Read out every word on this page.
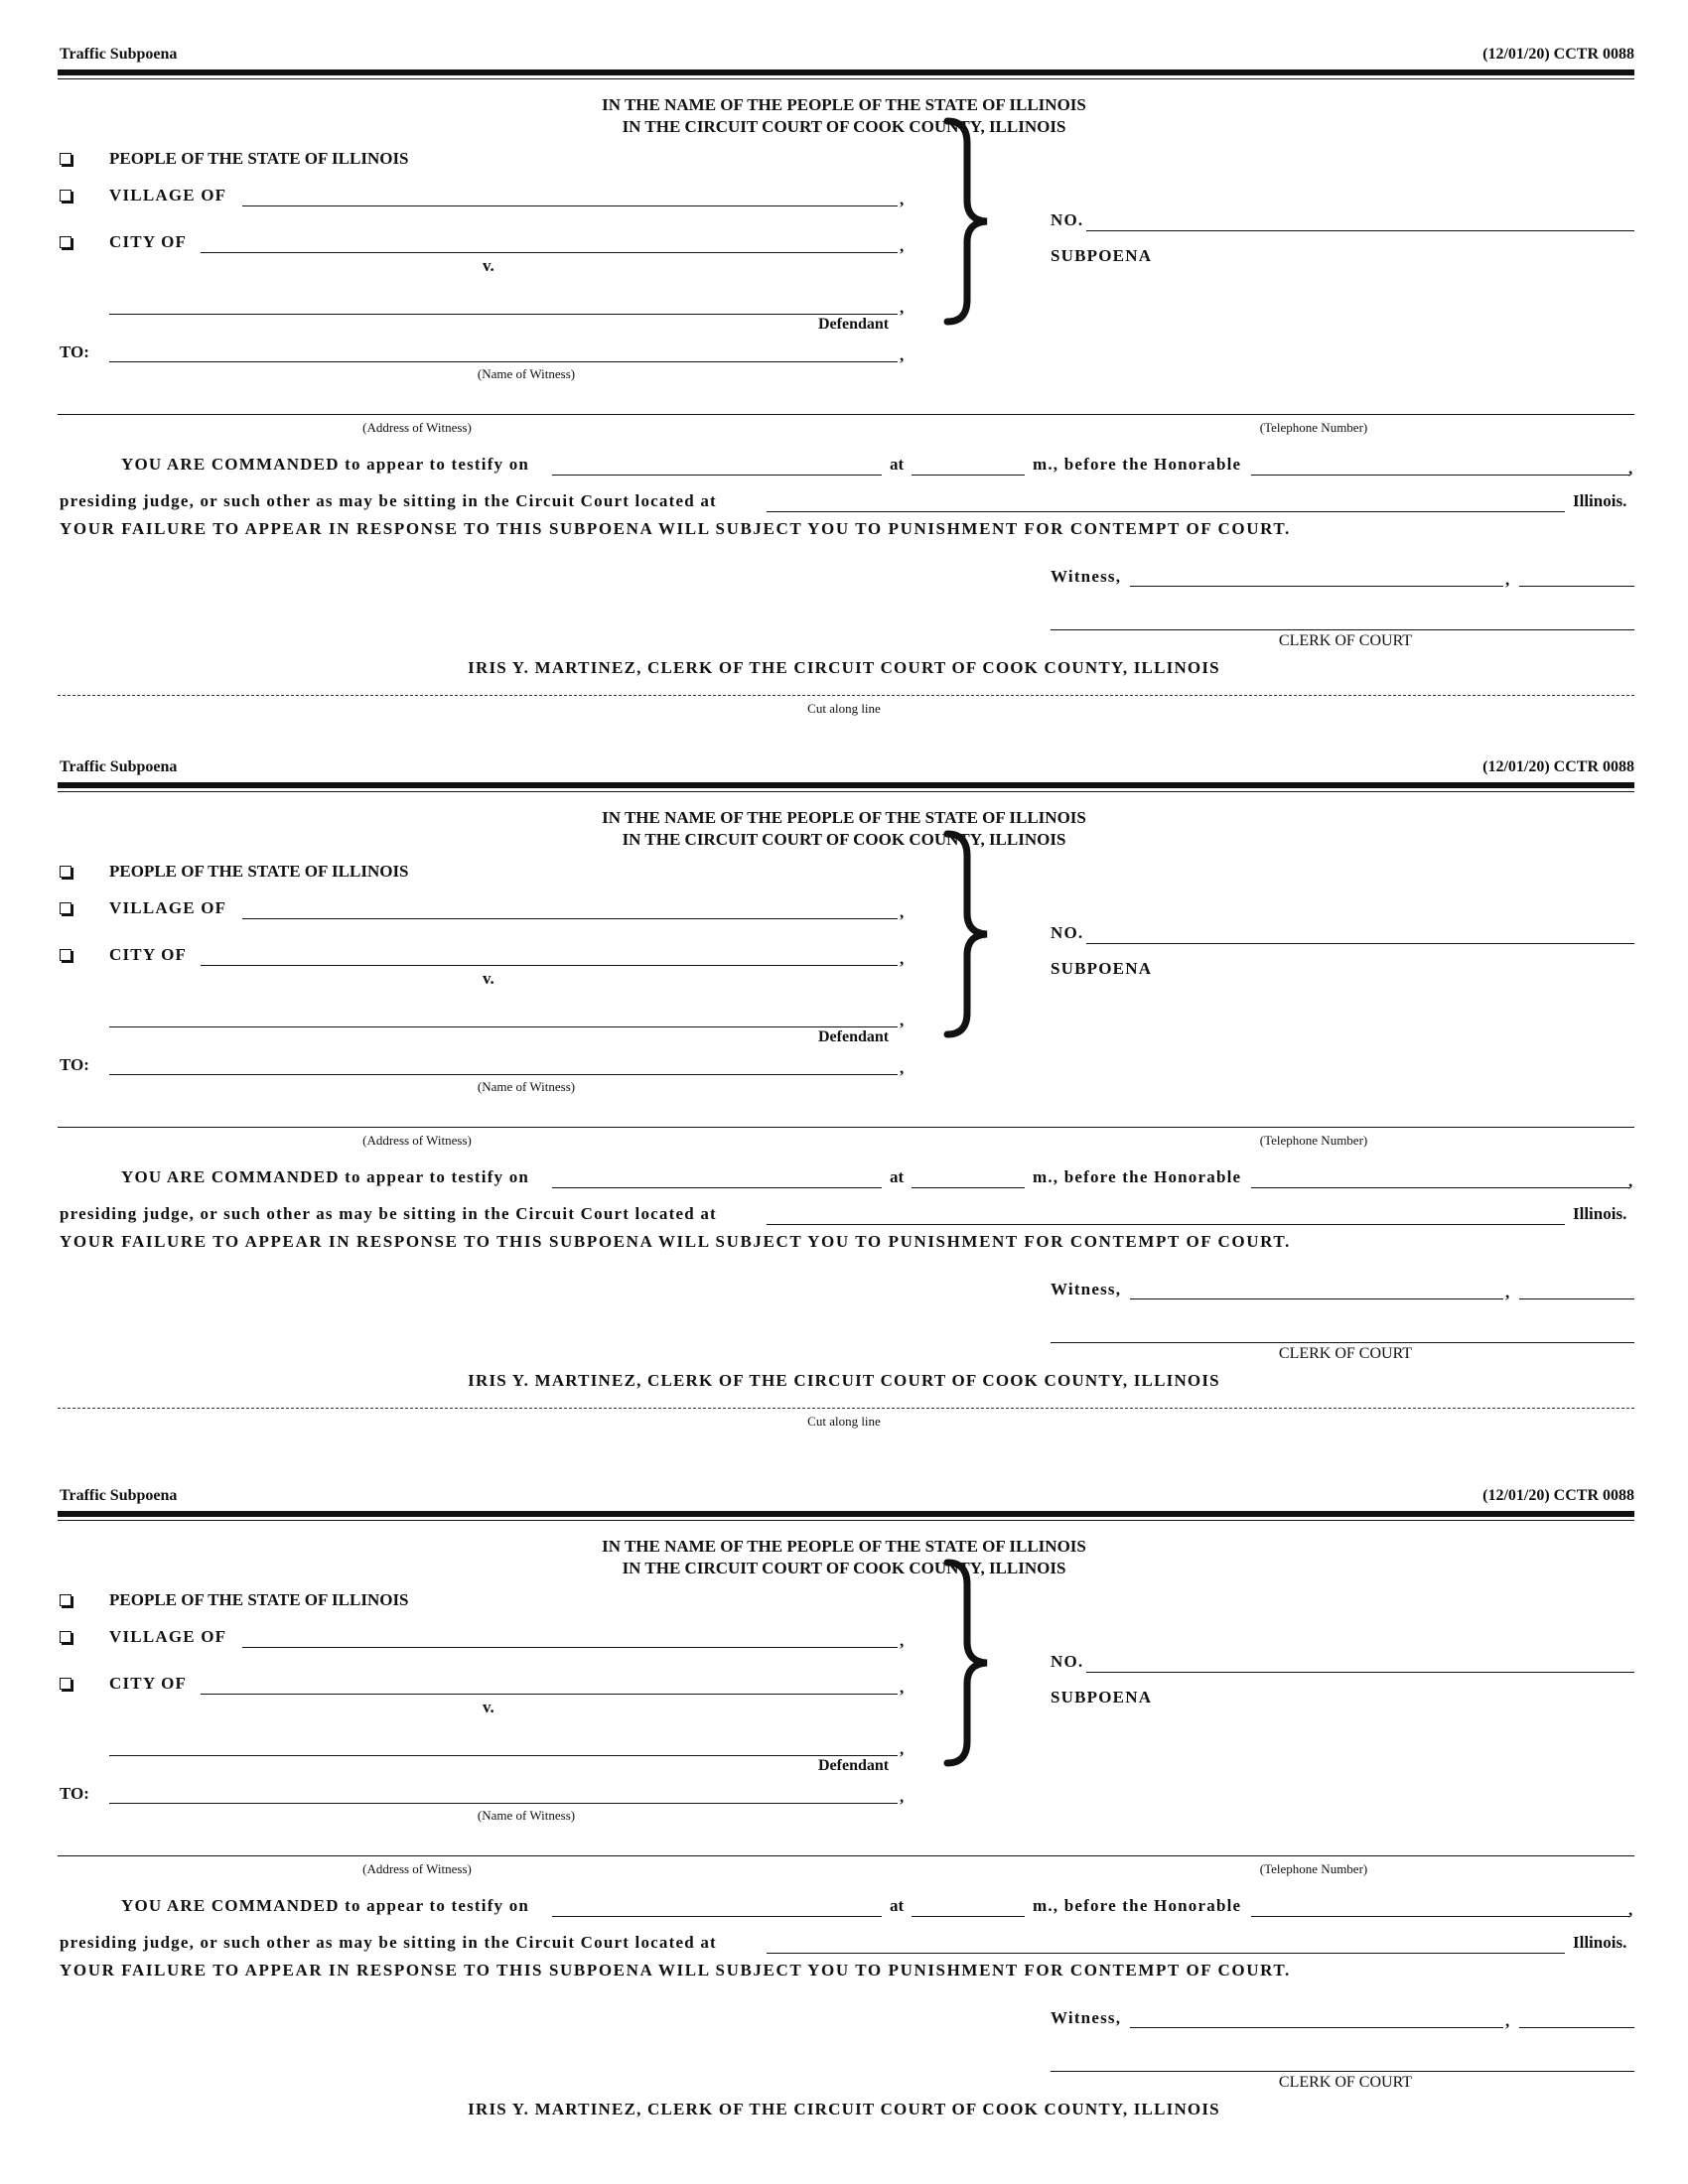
Traffic Subpoena	(12/01/20) CCTR 0088
IN THE NAME OF THE PEOPLE OF THE STATE OF ILLINOIS
IN THE CIRCUIT COURT OF COOK COUNTY, ILLINOIS
PEOPLE OF THE STATE OF ILLINOIS
VILLAGE OF	,
CITY OF	,
v.
,
Defendant
NO.
SUBPOENA
TO:	,
(Name of Witness)
(Address of Witness)	(Telephone Number)
YOU ARE COMMANDED to appear to testify on	at	m., before the Honorable	,
presiding judge, or such other as may be sitting in the Circuit Court located at	Illinois.
YOUR FAILURE TO APPEAR IN RESPONSE TO THIS SUBPOENA WILL SUBJECT YOU TO PUNISHMENT FOR CONTEMPT OF COURT.
Witness,	,
CLERK OF COURT
IRIS Y. MARTINEZ, CLERK OF THE CIRCUIT COURT OF COOK COUNTY, ILLINOIS
Cut along line
Traffic Subpoena	(12/01/20) CCTR 0088
IN THE NAME OF THE PEOPLE OF THE STATE OF ILLINOIS
IN THE CIRCUIT COURT OF COOK COUNTY, ILLINOIS
PEOPLE OF THE STATE OF ILLINOIS
VILLAGE OF	,
CITY OF	,
v.
,
Defendant
NO.
SUBPOENA
TO:	,
(Name of Witness)
(Address of Witness)	(Telephone Number)
YOU ARE COMMANDED to appear to testify on	at	m., before the Honorable	,
presiding judge, or such other as may be sitting in the Circuit Court located at	Illinois.
YOUR FAILURE TO APPEAR IN RESPONSE TO THIS SUBPOENA WILL SUBJECT YOU TO PUNISHMENT FOR CONTEMPT OF COURT.
Witness,	,
CLERK OF COURT
IRIS Y. MARTINEZ, CLERK OF THE CIRCUIT COURT OF COOK COUNTY, ILLINOIS
Cut along line
Traffic Subpoena	(12/01/20) CCTR 0088
IN THE NAME OF THE PEOPLE OF THE STATE OF ILLINOIS
IN THE CIRCUIT COURT OF COOK COUNTY, ILLINOIS
PEOPLE OF THE STATE OF ILLINOIS
VILLAGE OF	,
CITY OF	,
v.
,
Defendant
NO.
SUBPOENA
TO:	,
(Name of Witness)
(Address of Witness)	(Telephone Number)
YOU ARE COMMANDED to appear to testify on	at	m., before the Honorable	,
presiding judge, or such other as may be sitting in the Circuit Court located at	Illinois.
YOUR FAILURE TO APPEAR IN RESPONSE TO THIS SUBPOENA WILL SUBJECT YOU TO PUNISHMENT FOR CONTEMPT OF COURT.
Witness,	,
CLERK OF COURT
IRIS Y. MARTINEZ, CLERK OF THE CIRCUIT COURT OF COOK COUNTY, ILLINOIS
